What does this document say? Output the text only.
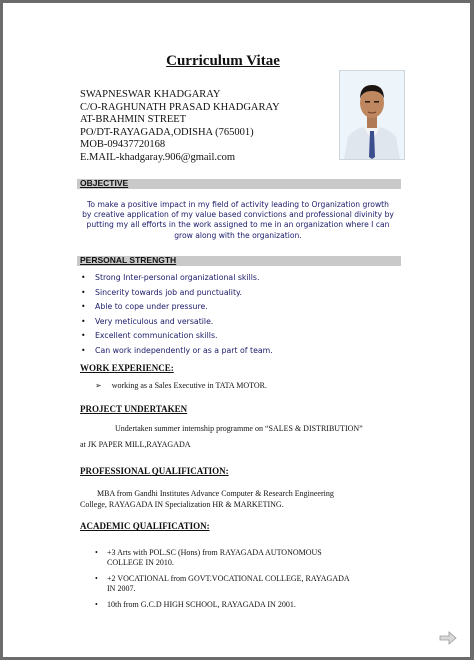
Curriculum Vitae
SWAPNESWAR KHADGARAY
C/O-RAGHUNATH PRASAD KHADGARAY
AT-BRAHMIN STREET
PO/DT-RAYAGADA,ODISHA (765001)
MOB-09437720168
E.MAIL-khadgaray.906@gmail.com
OBJECTIVE
To make a positive impact in my field of activity leading to Organization growth by creative application of my value based convictions and professional divinity by putting my all efforts in the work assigned to me in an organization where I can grow along with the organization.
PERSONAL STRENGTH
• Strong Inter-personal organizational skills.
• Sincerity towards job and punctuality.
• Able to cope under pressure.
• Very meticulous and versatile.
• Excellent communication skills.
• Can work independently or as a part of team.
WORK EXPERIENCE:
➢ working as a Sales Executive in TATA MOTOR.
PROJECT UNDERTAKEN
Undertaken summer internship programme on “SALES & DISTRIBUTION”
at JK PAPER MILL,RAYAGADA
PROFESSIONAL QUALIFICATION:
MBA from Gandhi Institutes Advance Computer & Research Engineering
College, RAYAGADA IN Specialization HR & MARKETING.
ACADEMIC QUALIFICATION:
• +3 Arts with POL.SC (Hons) from RAYAGADA AUTONOMOUS
COLLEGE IN 2010.
• +2 VOCATIONAL from GOVT.VOCATIONAL COLLEGE, RAYAGADA
IN 2007.
• 10th from G.C.D HIGH SCHOOL, RAYAGADA IN 2001.
